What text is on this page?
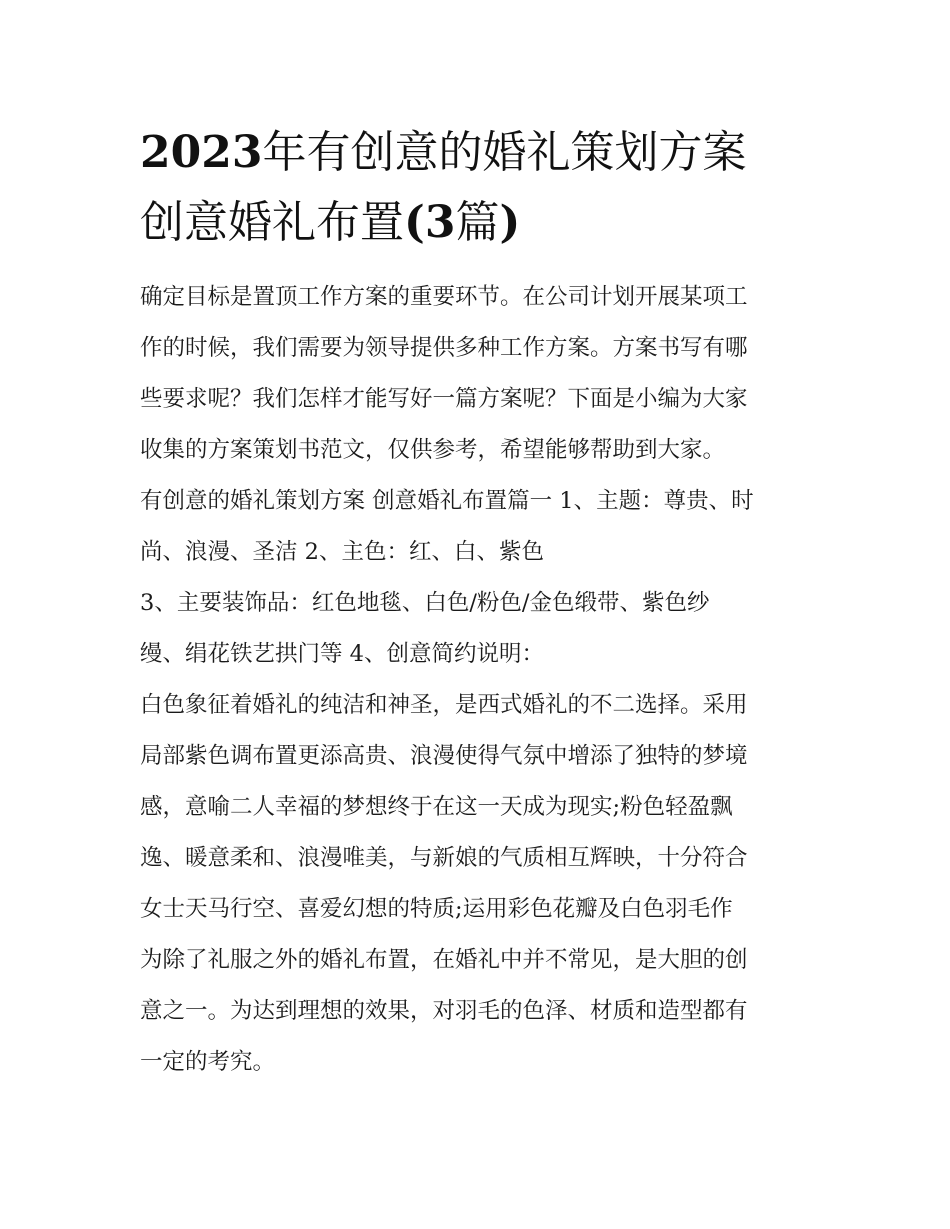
2023年有创意的婚礼策划方案
创意婚礼布置(3篇)
确定目标是置顶工作方案的重要环节。在公司计划开展某项工
作的时候，我们需要为领导提供多种工作方案。方案书写有哪
些要求呢？我们怎样才能写好一篇方案呢？下面是小编为大家
收集的方案策划书范文，仅供参考，希望能够帮助到大家。
有创意的婚礼策划方案 创意婚礼布置篇一 1、主题：尊贵、时
尚、浪漫、圣洁 2、主色：红、白、紫色
3、主要装饰品：红色地毯、白色/粉色/金色缎带、紫色纱
缦、绢花铁艺拱门等 4、创意简约说明：
白色象征着婚礼的纯洁和神圣，是西式婚礼的不二选择。采用
局部紫色调布置更添高贵、浪漫使得气氛中增添了独特的梦境
感，意喻二人幸福的梦想终于在这一天成为现实;粉色轻盈飘
逸、暖意柔和、浪漫唯美，与新娘的气质相互辉映，十分符合
女士天马行空、喜爱幻想的特质;运用彩色花瓣及白色羽毛作
为除了礼服之外的婚礼布置，在婚礼中并不常见，是大胆的创
意之一。为达到理想的效果，对羽毛的色泽、材质和造型都有
一定的考究。
